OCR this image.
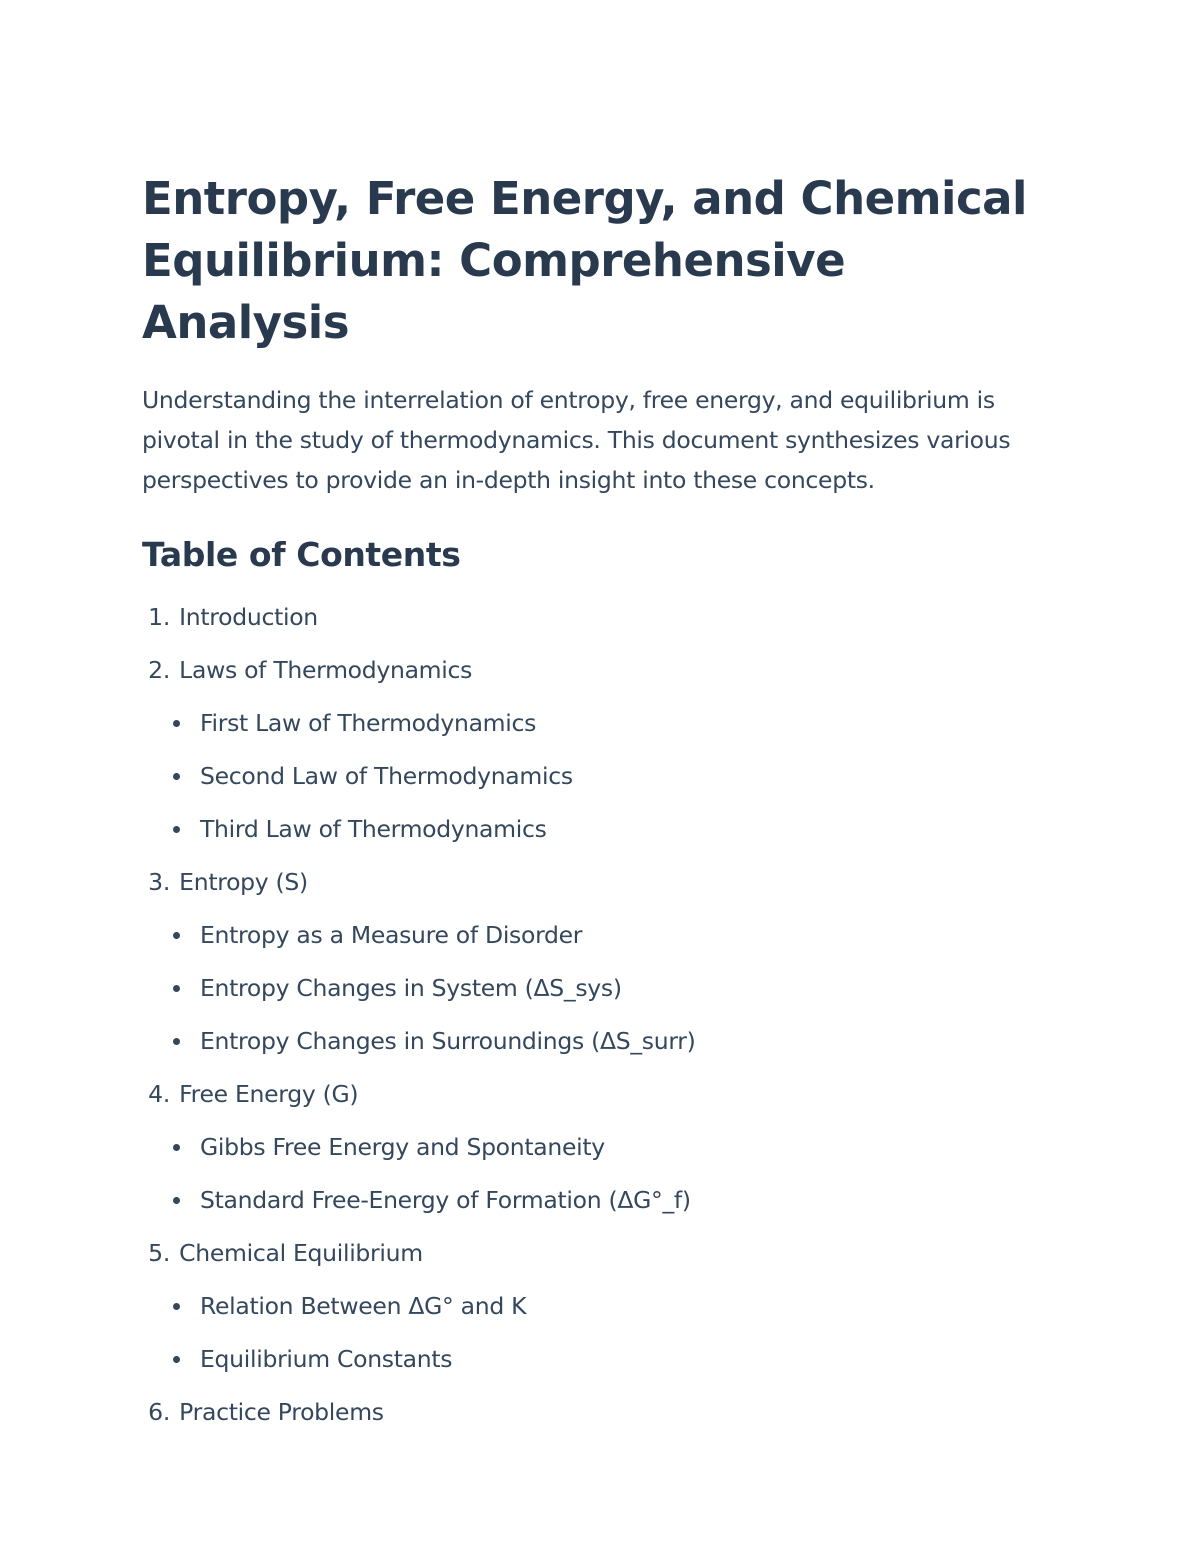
Entropy, Free Energy, and Chemical Equilibrium: Comprehensive Analysis

Understanding the interrelation of entropy, free energy, and equilibrium is pivotal in the study of thermodynamics. This document synthesizes various perspectives to provide an in-depth insight into these concepts.

Table of Contents
1.
Introduction
2.
Laws of Thermodynamics
First Law of Thermodynamics
Second Law of Thermodynamics
Third Law of Thermodynamics
3.
Entropy (S)
Entropy as a Measure of Disorder
Entropy Changes in System (ΔS_sys)
Entropy Changes in Surroundings (ΔS_surr)
4.
Free Energy (G)
Gibbs Free Energy and Spontaneity
Standard Free-Energy of Formation (ΔG°_f)
5.
Chemical Equilibrium
Relation Between ΔG° and K
Equilibrium Constants
6.
Practice Problems
